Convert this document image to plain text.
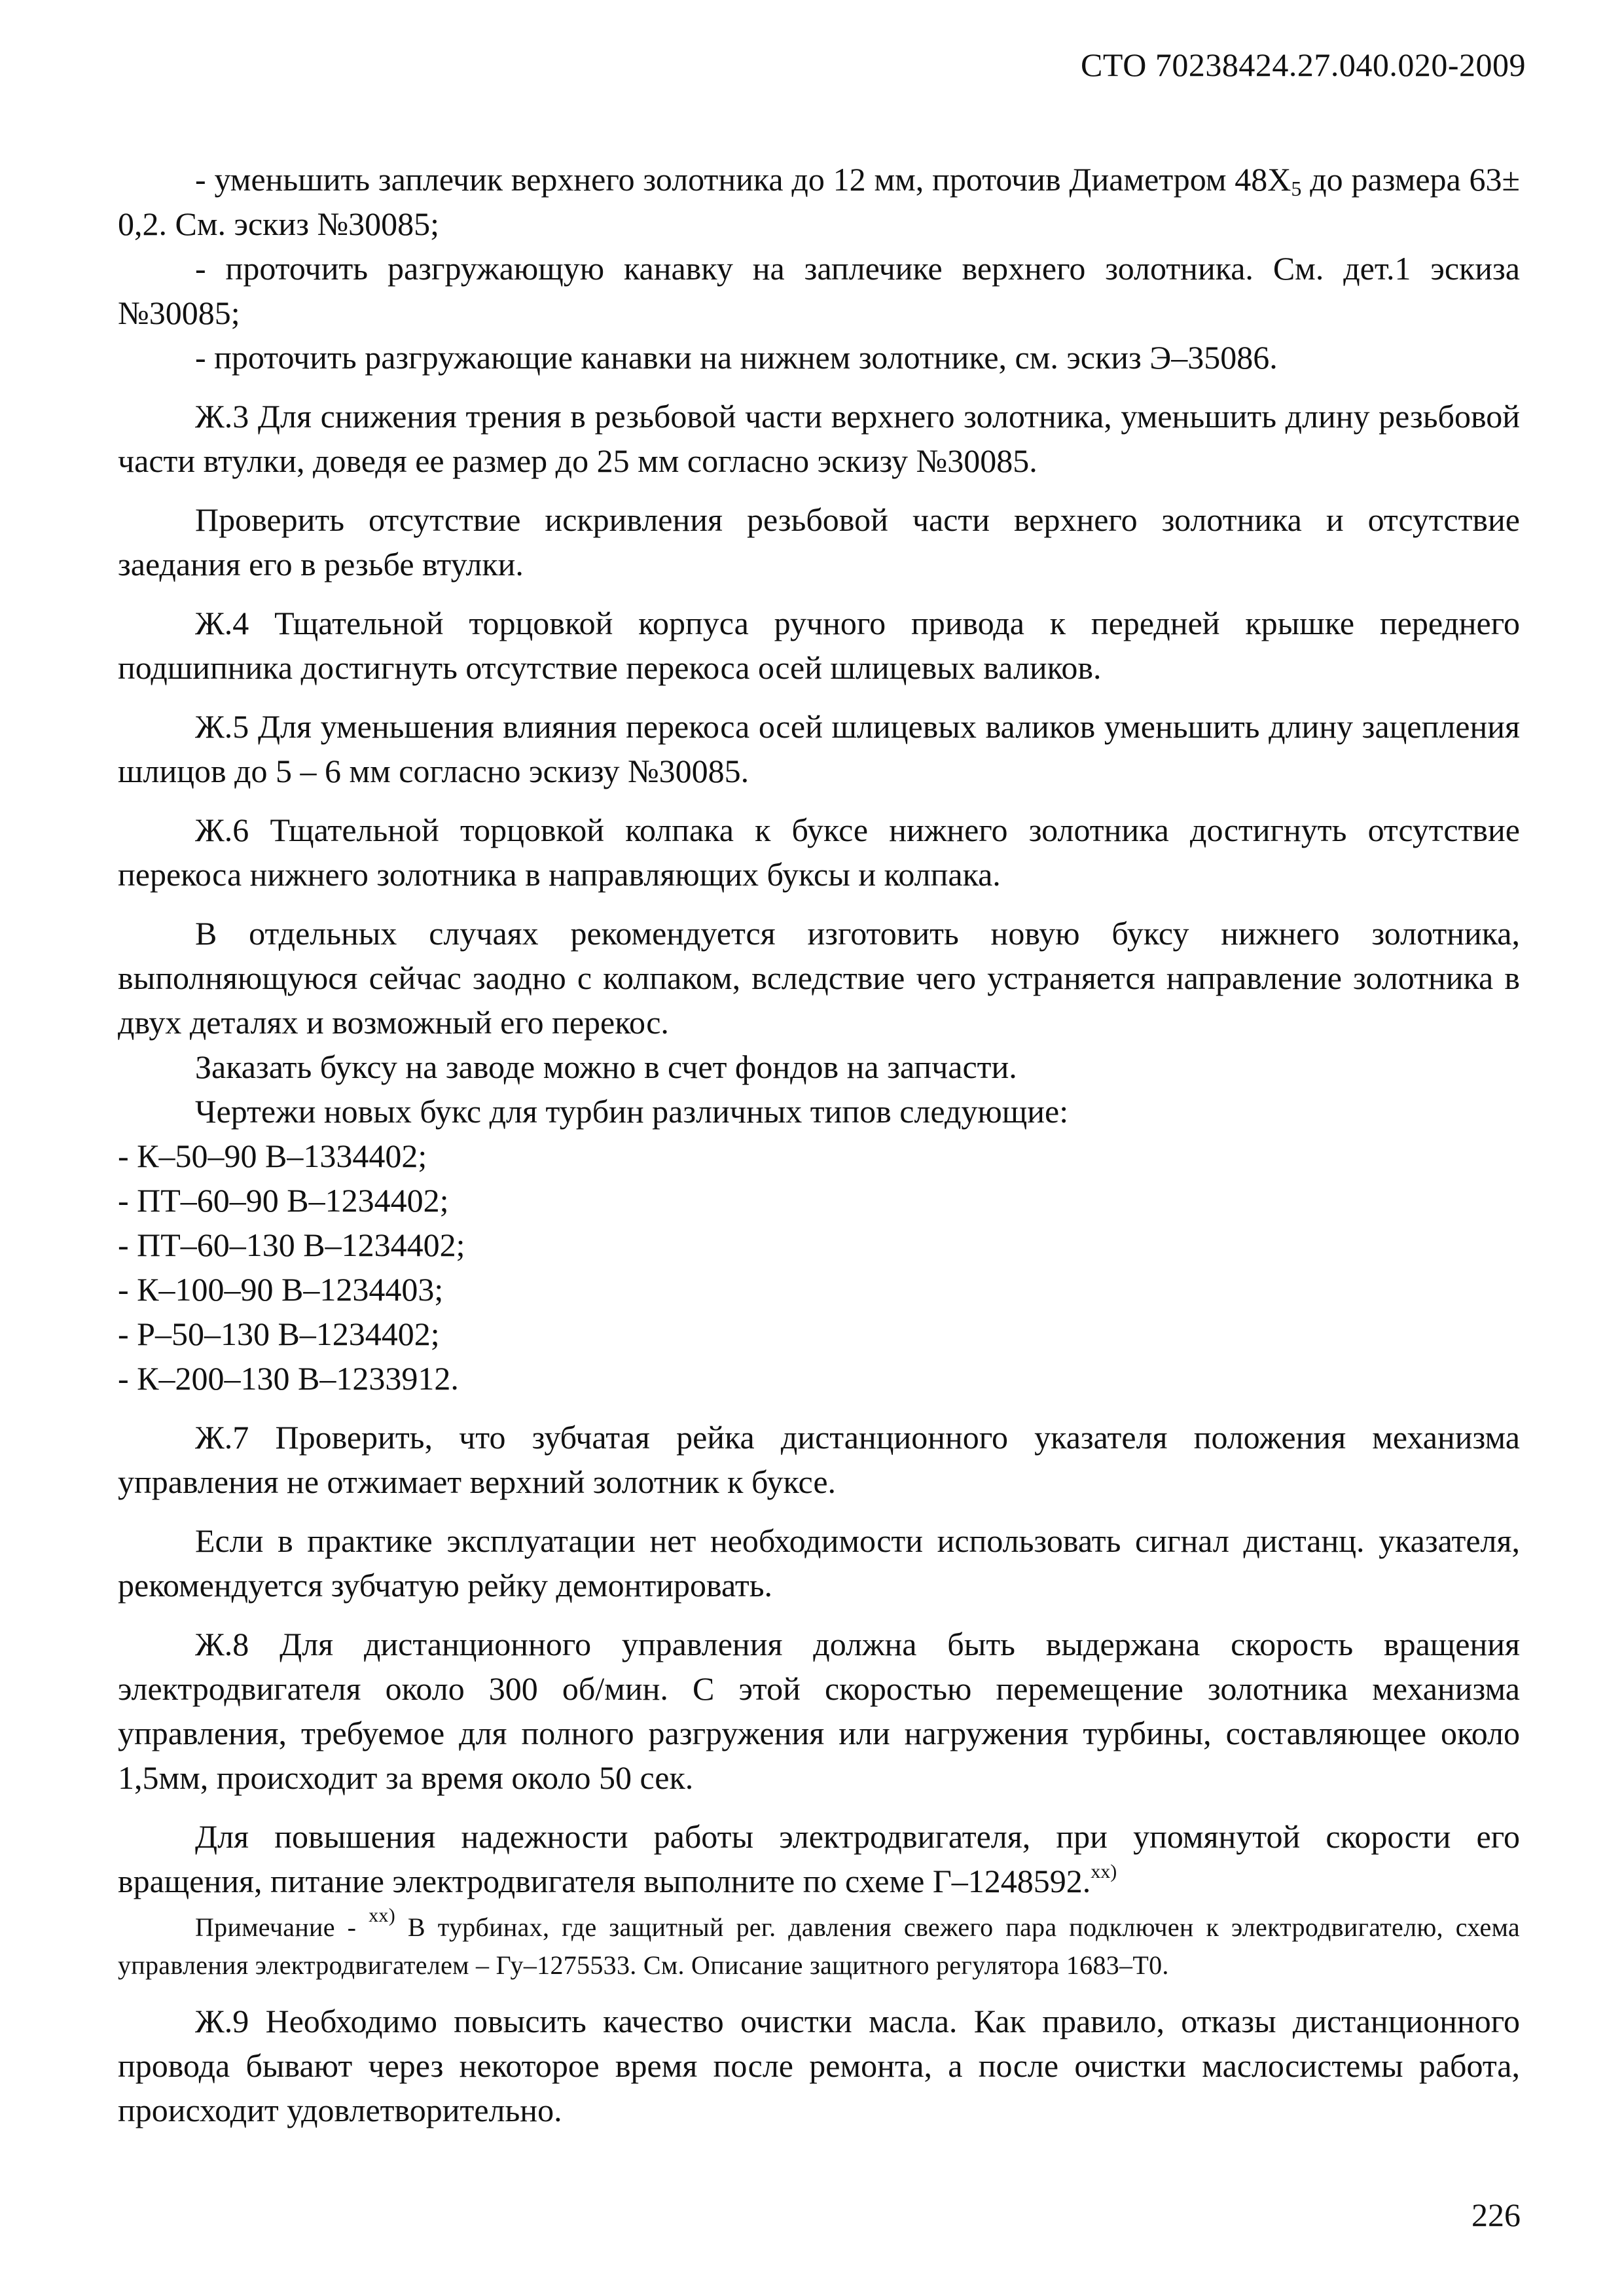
СТО 70238424.27.040.020-2009

- уменьшить заплечик верхнего золотника до 12 мм, проточив Диаметром $48Х_5$ до размера 63± 0,2. См. эскиз №30085;

- проточить разгружающую канавку на заплечике верхнего золотника. См. дет.1 эскиза №30085;

- проточить разгружающие канавки на нижнем золотнике, см. эскиз Э–35086.

Ж.3 Для снижения трения в резьбовой части верхнего золотника, уменьшить длину резьбовой части втулки, доведя ее размер до 25 мм согласно эскизу №30085.

Проверить отсутствие искривления резьбовой части верхнего золотника и отсутствие заедания его в резьбе втулки.

Ж.4 Тщательной торцовкой корпуса ручного привода к передней крышке переднего подшипника достигнуть отсутствие перекоса осей шлицевых валиков.

Ж.5 Для уменьшения влияния перекоса осей шлицевых валиков уменьшить длину зацепления шлицов до 5 – 6 мм согласно эскизу №30085.

Ж.6 Тщательной торцовкой колпака к буксе нижнего золотника достигнуть отсутствие перекоса нижнего золотника в направляющих буксы и колпака.

В отдельных случаях рекомендуется изготовить новую буксу нижнего золотника, выполняющуюся сейчас заодно с колпаком, вследствие чего устраняется направление золотника в двух деталях и возможный его перекос.

Заказать буксу на заводе можно в счет фондов на запчасти.

Чертежи новых букс для турбин различных типов следующие:

- К–50–90 В–1334402;

- ПТ–60–90 В–1234402;

- ПТ–60–130 В–1234402;

- К–100–90 В–1234403;

- Р–50–130 В–1234402;

- К–200–130 В–1233912.

Ж.7 Проверить, что зубчатая рейка дистанционного указателя положения механизма управления не отжимает верхний золотник к буксе.

Если в практике эксплуатации нет необходимости использовать сигнал дистанц. указателя, рекомендуется зубчатую рейку демонтировать.

Ж.8 Для дистанционного управления должна быть выдержана скорость вращения электродвигателя около 300 об/мин. С этой скоростью перемещение золотника механизма управления, требуемое для полного разгружения или нагружения турбины, составляющее около 1,5мм, происходит за время около 50 сек.

Для повышения надежности работы электродвигателя, при упомянутой скорости его вращения, питание электродвигателя выполните по схеме Г–1248592.$^{xx)}$

Примечание - $^{xx)}$ В турбинах, где защитный рег. давления свежего пара подключен к электродвигателю, схема управления электродвигателем – Гу–1275533. См. Описание защитного регулятора 1683–Т0.

Ж.9 Необходимо повысить качество очистки масла. Как правило, отказы дистанционного провода бывают через некоторое время после ремонта, а после очистки маслосистемы работа, происходит удовлетворительно.

226
